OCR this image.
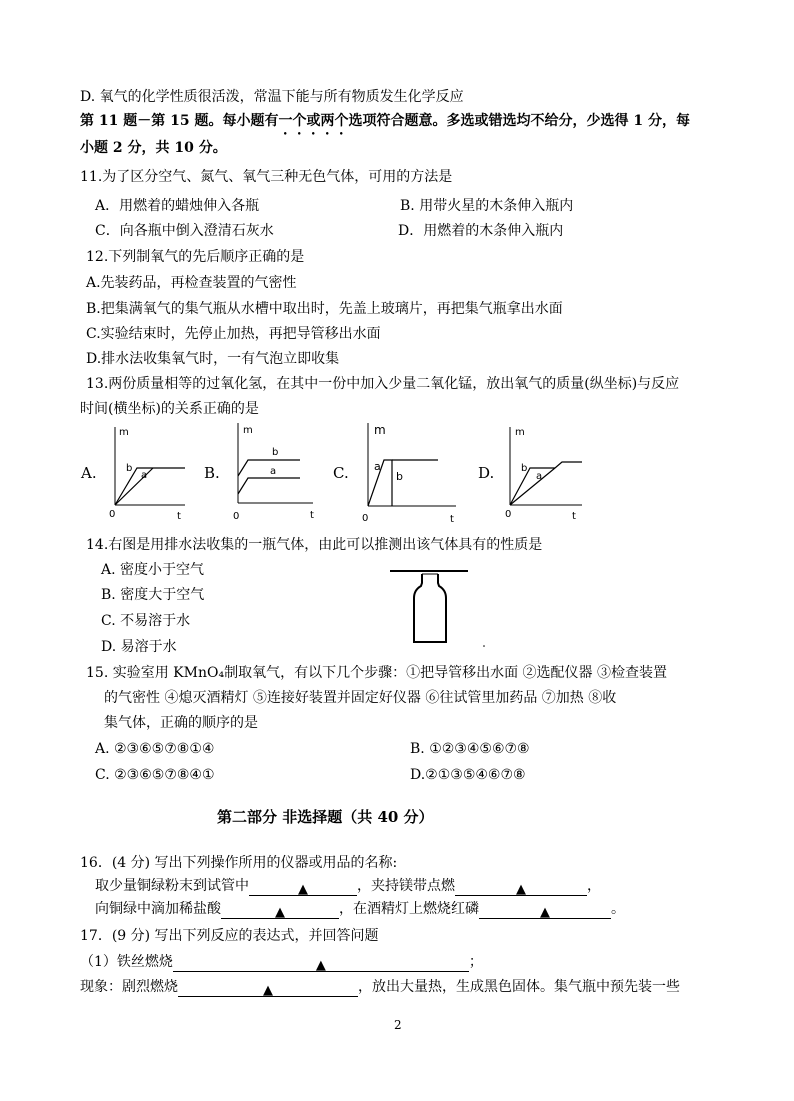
D. 氧气的化学性质很活泼，常温下能与所有物质发生化学反应
第 11 题－第 15 题。每小题有一个或两个选项符合题意。多选或错选均不给分，少选得 1 分，每
小题 2 分，共 10 分。
11.为了区分空气、氮气、氧气三种无色气体，可用的方法是
A．用燃着的蜡烛伸入各瓶	B. 用带火星的木条伸入瓶内
C．向各瓶中倒入澄清石灰水	D．用燃着的木条伸入瓶内
12.下列制氧气的先后顺序正确的是
A.先装药品，再检查装置的气密性
B.把集满氧气的集气瓶从水槽中取出时，先盖上玻璃片，再把集气瓶拿出水面
C.实验结束时，先停止加热，再把导管移出水面
D.排水法收集氧气时，一有气泡立即收集
13.两份质量相等的过氧化氢，在其中一份中加入少量二氧化锰，放出氧气的质量(纵坐标)与反应
时间(横坐标)的关系正确的是
A.	B.	C.	D.
m
t
0
b
a
m
t
0
b
a
m
t
0
a
b
m
t
0
b
a
14.右图是用排水法收集的一瓶气体，由此可以推测出该气体具有的性质是
A. 密度小于空气
B. 密度大于空气
C. 不易溶于水
D. 易溶于水
15. 实验室用 KMnO₄制取氧气，有以下几个步骤：①把导管移出水面 ②选配仪器 ③检查装置
的气密性 ④熄灭酒精灯 ⑤连接好装置并固定好仪器 ⑥往试管里加药品 ⑦加热 ⑧收
集气体，正确的顺序的是
A. ②③⑥⑤⑦⑧①④	B. ①②③④⑤⑥⑦⑧
C. ②③⑥⑤⑦⑧④①	D.②①③⑤④⑥⑦⑧
第二部分 非选择题（共 40 分）
16．(4 分) 写出下列操作所用的仪器或用品的名称:
取少量铜绿粉末到试管中	▲	，夹持镁带点燃	▲	，
向铜绿中滴加稀盐酸	▲	，在酒精灯上燃烧红磷	▲	。
17．(9 分) 写出下列反应的表达式，并回答问题
（1）铁丝燃烧	▲	；
现象：剧烈燃烧	▲	，放出大量热，生成黑色固体。集气瓶中预先装一些
2
